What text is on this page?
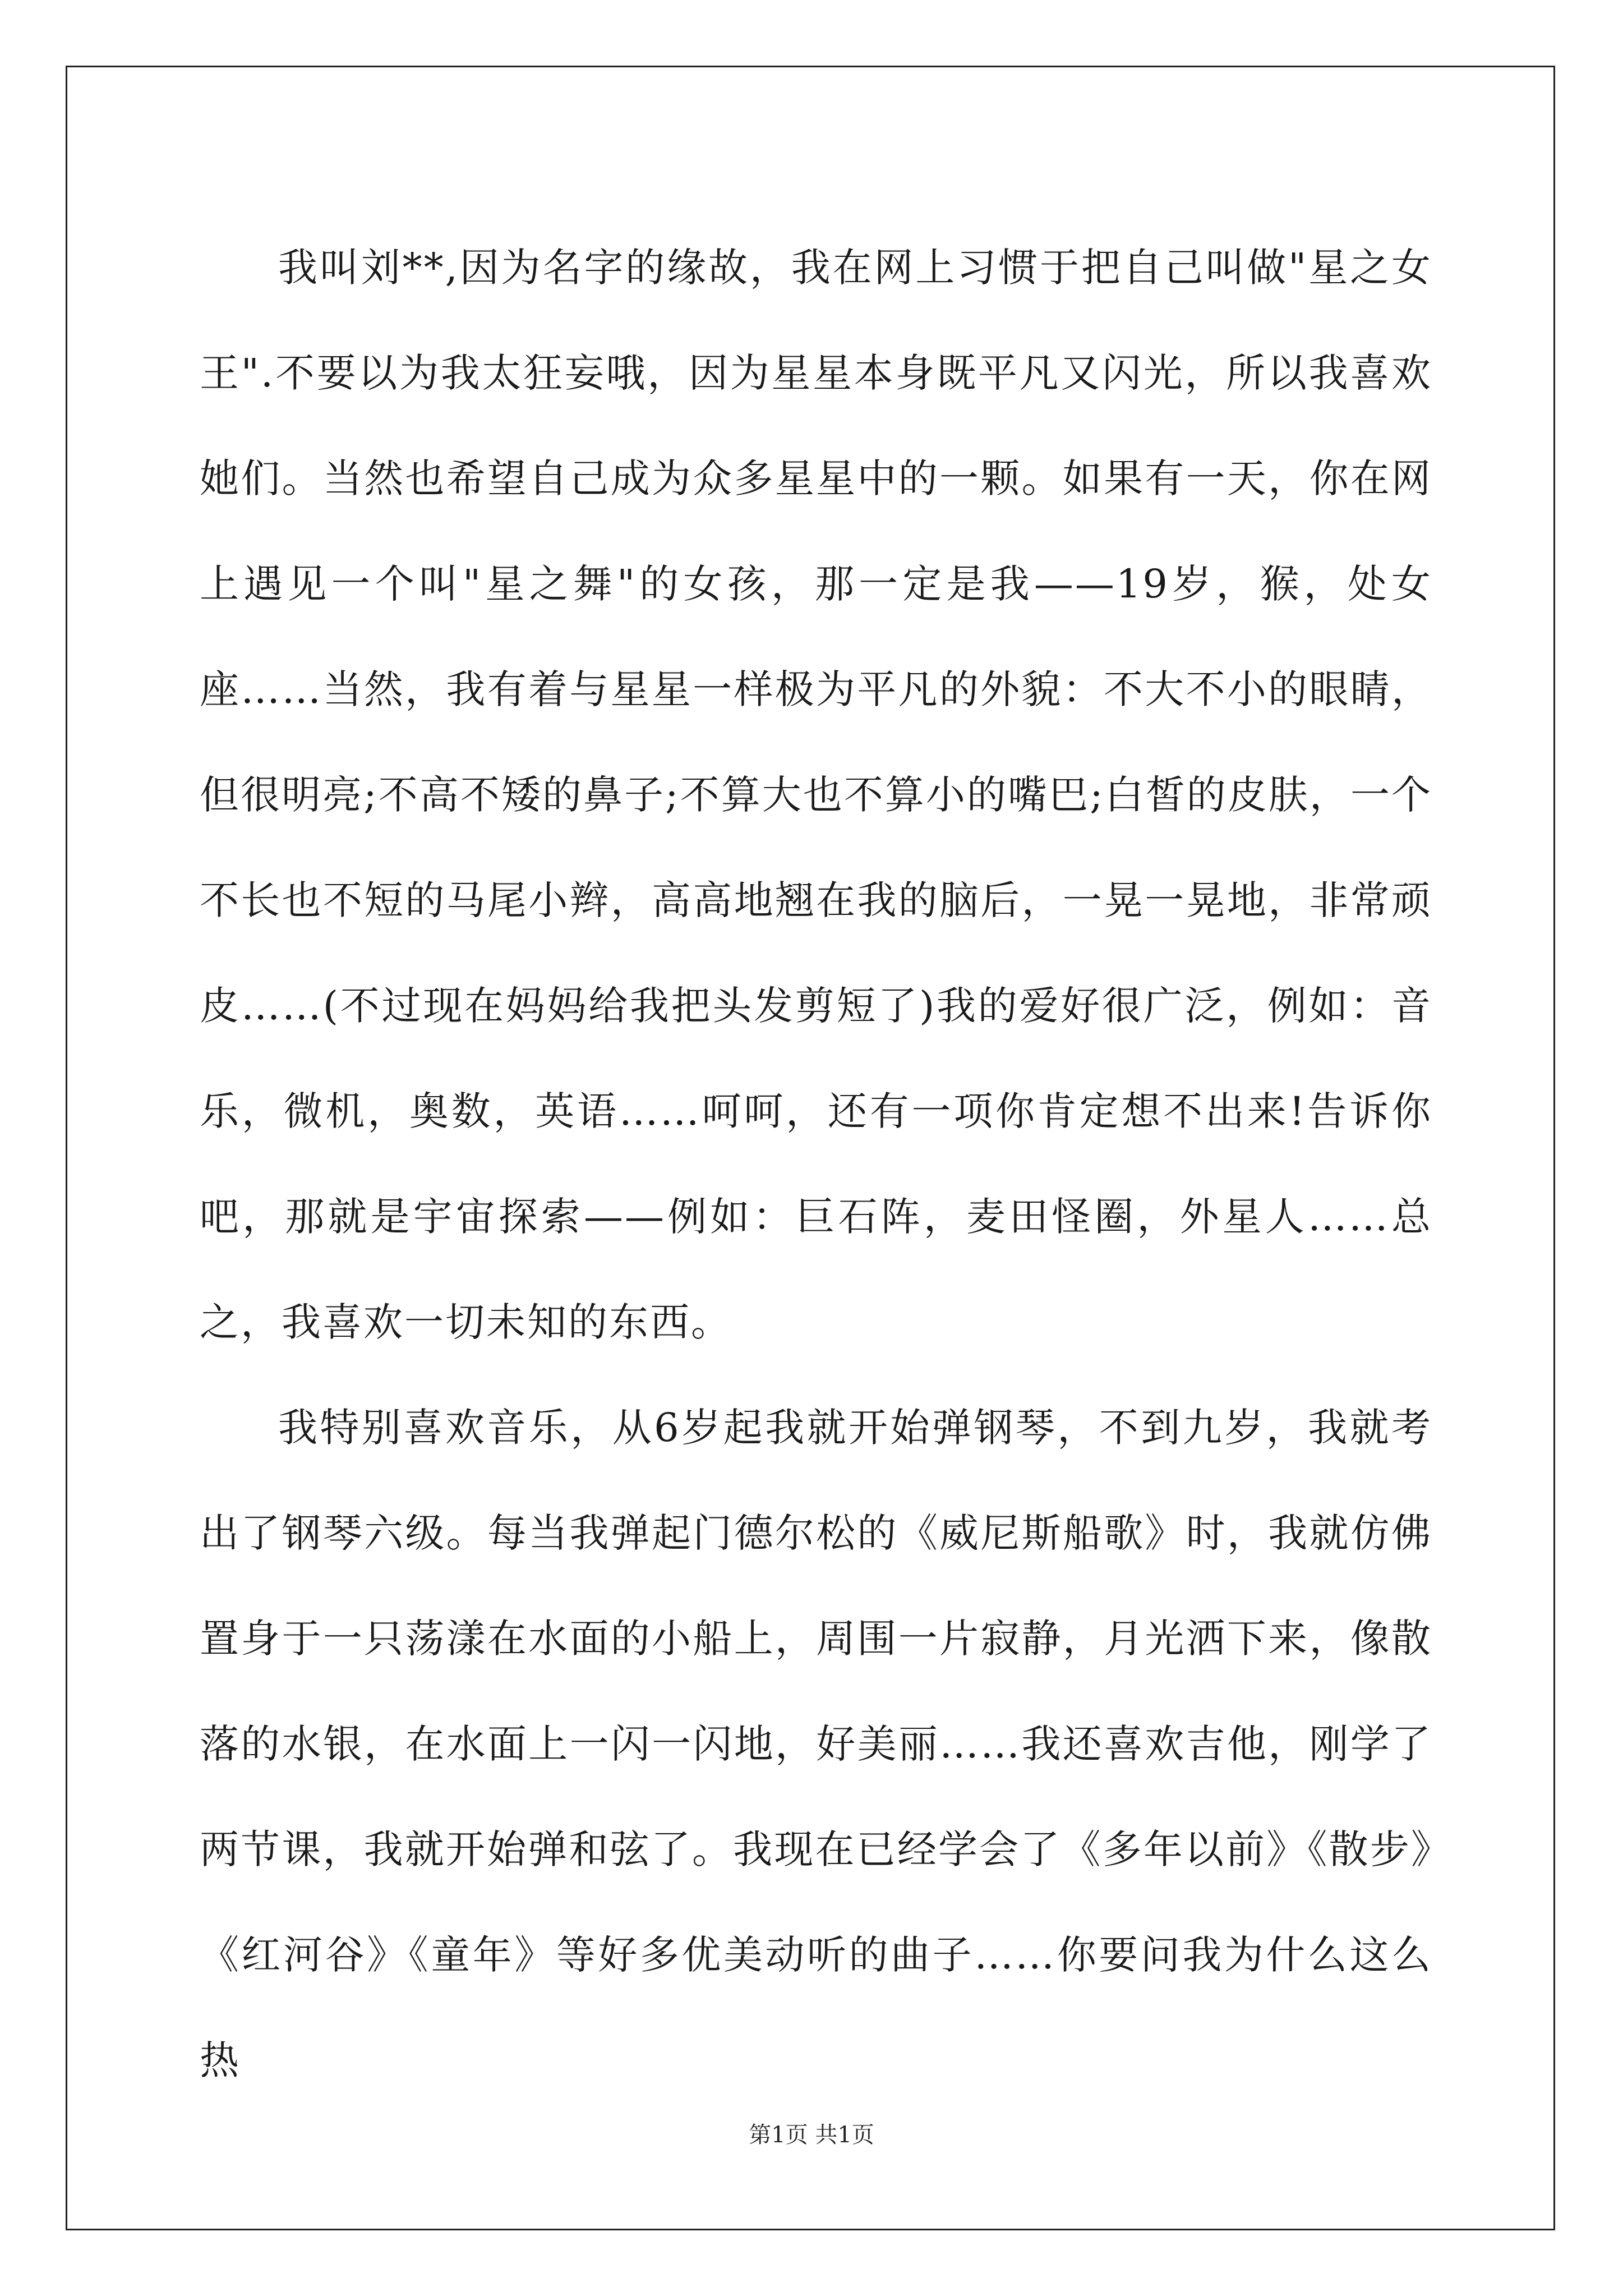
我叫刘**,因为名字的缘故，我在网上习惯于把自己叫做"星之女王".不要以为我太狂妄哦，因为星星本身既平凡又闪光，所以我喜欢她们。当然也希望自己成为众多星星中的一颗。如果有一天，你在网上遇见一个叫"星之舞"的女孩，那一定是我——19岁，猴，处女座……当然，我有着与星星一样极为平凡的外貌：不大不小的眼睛，但很明亮;不高不矮的鼻子;不算大也不算小的嘴巴;白皙的皮肤，一个不长也不短的马尾小辫，高高地翘在我的脑后，一晃一晃地，非常顽皮……(不过现在妈妈给我把头发剪短了)我的爱好很广泛，例如：音乐，微机，奥数，英语……呵呵，还有一项你肯定想不出来!告诉你吧，那就是宇宙探索——例如：巨石阵，麦田怪圈，外星人……总之，我喜欢一切未知的东西。

我特别喜欢音乐，从6岁起我就开始弹钢琴，不到九岁，我就考出了钢琴六级。每当我弹起门德尔松的《威尼斯船歌》时，我就仿佛置身于一只荡漾在水面的小船上，周围一片寂静，月光洒下来，像散落的水银，在水面上一闪一闪地，好美丽……我还喜欢吉他，刚学了两节课，我就开始弹和弦了。我现在已经学会了《多年以前》《散步》《红河谷》《童年》等好多优美动听的曲子……你要问我为什么这么热

第1页 共1页
